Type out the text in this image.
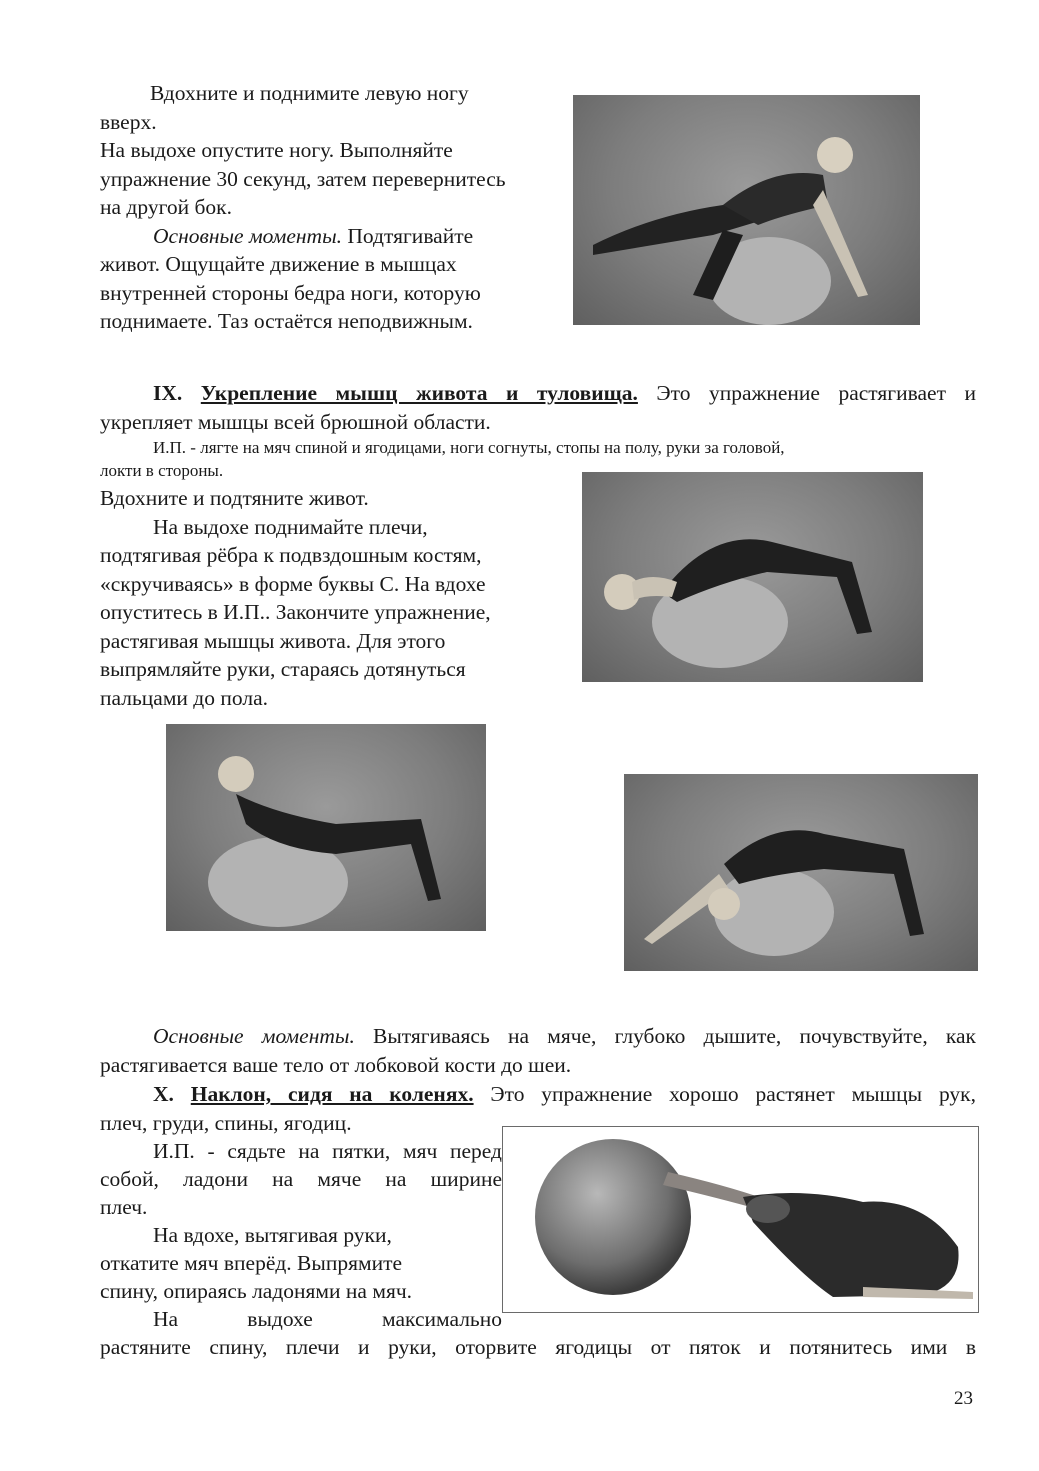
Вдохните и поднимите левую ногу
вверх.
На выдохе опустите ногу. Выполняйте
упражнение 30 секунд, затем перевернитесь
на другой бок.
Основные моменты. Подтягивайте
живот. Ощущайте движение в мышцах
внутренней стороны бедра ноги, которую
поднимаете. Таз остаётся неподвижным.

IX. Укрепление мышц живота и туловища. Это упражнение растягивает и

укрепляет мышцы всей брюшной области.

И.П. - лягте на мяч спиной и ягодицами, ноги согнуты, стопы на полу, руки за головой,
локти в стороны.

Вдохните и подтяните живот.
На выдохе поднимайте плечи,
подтягивая рёбра к подвздошным костям,
«скручиваясь» в форме буквы С. На вдохе
опуститесь в И.П.. Закончите упражнение,
растягивая мышцы живота. Для этого
выпрямляйте руки, стараясь дотянуться
пальцами до пола.

Основные моменты. Вытягиваясь на мяче, глубоко дышите, почувствуйте, как

растягивается ваше тело от лобковой кости до шеи.

X. Наклон, сидя на коленях. Это упражнение хорошо растянет мышцы рук,

плеч, груди, спины, ягодиц.

И.П. - сядьте на пятки, мяч перед

собой, ладони на мяче на ширине

плеч.

На вдохе, вытягивая руки,

откатите мяч вперёд. Выпрямите

спину, опираясь ладонями на мяч.

На выдохе максимально

растяните спину, плечи и руки, оторвите ягодицы от пяток и потянитесь ими в

23
